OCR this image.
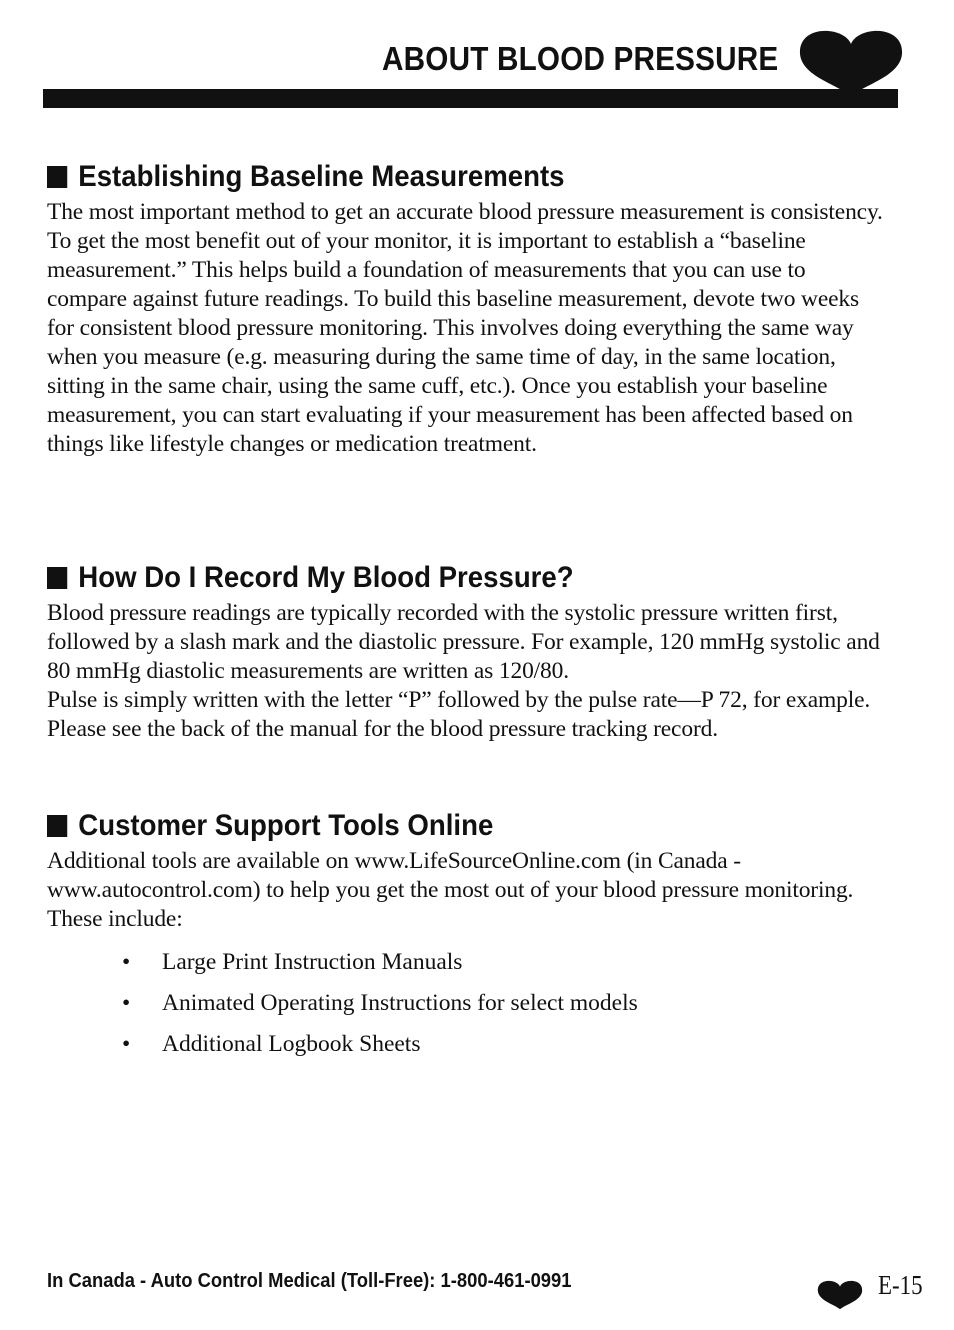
ABOUT BLOOD PRESSURE
Establishing Baseline Measurements

The most important method to get an accurate blood pressure measurement is consistency. To get the most benefit out of your monitor, it is important to establish a “baseline measurement.” This helps build a foundation of measurements that you can use to compare against future readings. To build this baseline measurement, devote two weeks for consistent blood pressure monitoring. This involves doing everything the same way when you measure (e.g. measuring during the same time of day, in the same location, sitting in the same chair, using the same cuff, etc.). Once you establish your baseline measurement, you can start evaluating if your measurement has been affected based on things like lifestyle changes or medication treatment.

How Do I Record My Blood Pressure?

Blood pressure readings are typically recorded with the systolic pressure written first, followed by a slash mark and the diastolic pressure. For example, 120 mmHg systolic and 80 mmHg diastolic measurements are written as 120/80.

Pulse is simply written with the letter “P” followed by the pulse rate—P 72, for example. Please see the back of the manual for the blood pressure tracking record.

Customer Support Tools Online

Additional tools are available on www.LifeSourceOnline.com (in Canada - www.autocontrol.com) to help you get the most out of your blood pressure monitoring. These include:

• Large Print Instruction Manuals
• Animated Operating Instructions for select models
• Additional Logbook Sheets
In Canada - Auto Control Medical (Toll-Free): 1-800-461-0991	E-15
